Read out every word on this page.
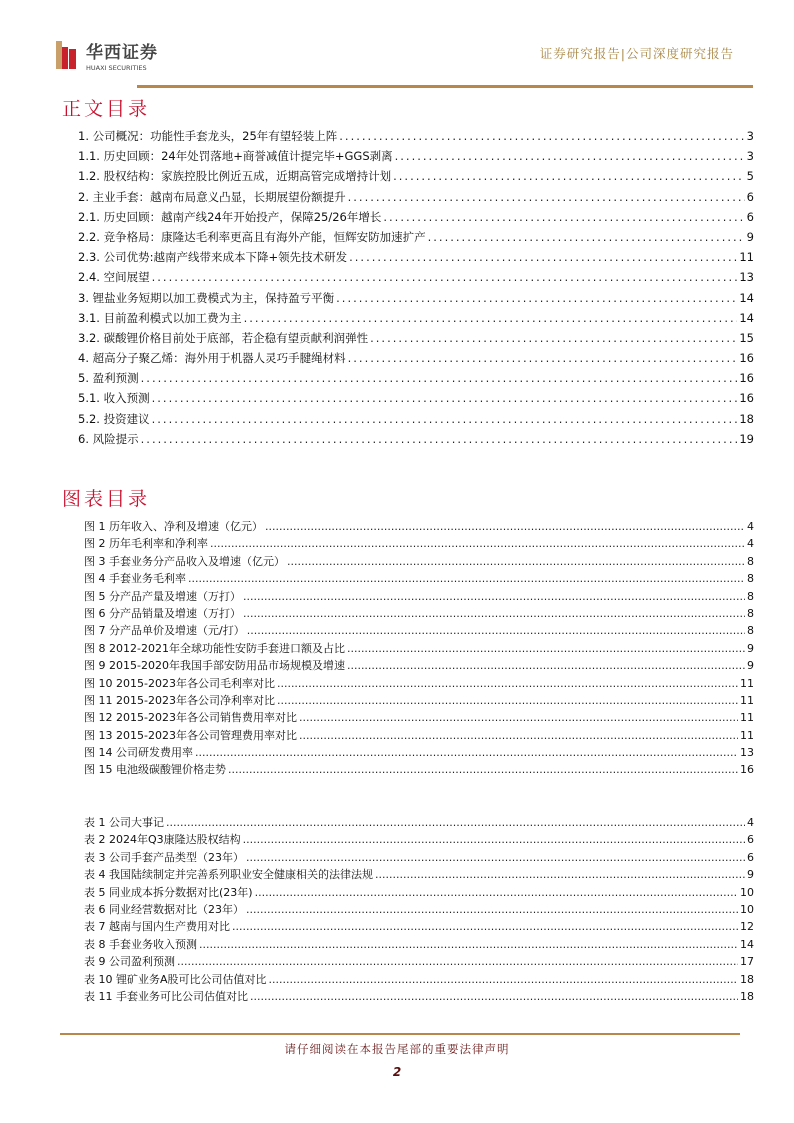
华西证券
HUAXI SECURITIES
证券研究报告|公司深度研究报告
正文目录
1. 公司概况：功能性手套龙头，25年有望轻装上阵 .....	3
1.1. 历史回顾：24年处罚落地+商誉减值计提完毕+GGS剥离 .....	3
1.2. 股权结构：家族控股比例近五成，近期高管完成增持计划 .....	5
2. 主业手套：越南布局意义凸显，长期展望份额提升 .....	6
2.1. 历史回顾：越南产线24年开始投产，保障25/26年增长 .....	6
2.2. 竞争格局：康隆达毛利率更高且有海外产能，恒辉安防加速扩产 .....	9
2.3. 公司优势:越南产线带来成本下降+领先技术研发 .....	11
2.4. 空间展望 .....	13
3. 锂盐业务短期以加工费模式为主，保持盈亏平衡 .....	14
3.1. 目前盈利模式以加工费为主 .....	14
3.2. 碳酸锂价格目前处于底部，若企稳有望贡献利润弹性 .....	15
4. 超高分子聚乙烯：海外用于机器人灵巧手腱绳材料 .....	16
5. 盈利预测 .....	16
5.1. 收入预测 .....	16
5.2. 投资建议 .....	18
6. 风险提示 .....	19
图表目录
图 1 历年收入、净利及增速（亿元） .....	4
图 2 历年毛利率和净利率 .....	4
图 3 手套业务分产品收入及增速（亿元） .....	8
图 4 手套业务毛利率 .....	8
图 5 分产品产量及增速（万打） .....	8
图 6 分产品销量及增速（万打） .....	8
图 7 分产品单价及增速（元/打） .....	8
图 8 2012-2021年全球功能性安防手套进口额及占比 .....	9
图 9 2015-2020年我国手部安防用品市场规模及增速 .....	9
图 10 2015-2023年各公司毛利率对比 .....	11
图 11 2015-2023年各公司净利率对比 .....	11
图 12 2015-2023年各公司销售费用率对比 .....	11
图 13 2015-2023年各公司管理费用率对比 .....	11
图 14 公司研发费用率 .....	13
图 15 电池级碳酸锂价格走势 .....	16
表 1 公司大事记 .....	4
表 2 2024年Q3康隆达股权结构 .....	6
表 3 公司手套产品类型（23年） .....	6
表 4 我国陆续制定并完善系列职业安全健康相关的法律法规 .....	9
表 5 同业成本拆分数据对比(23年) .....	10
表 6 同业经营数据对比（23年） .....	10
表 7 越南与国内生产费用对比 .....	12
表 8 手套业务收入预测 .....	14
表 9 公司盈利预测 .....	17
表 10 锂矿业务A股可比公司估值对比 .....	18
表 11 手套业务可比公司估值对比 .....	18
请仔细阅读在本报告尾部的重要法律声明
2
